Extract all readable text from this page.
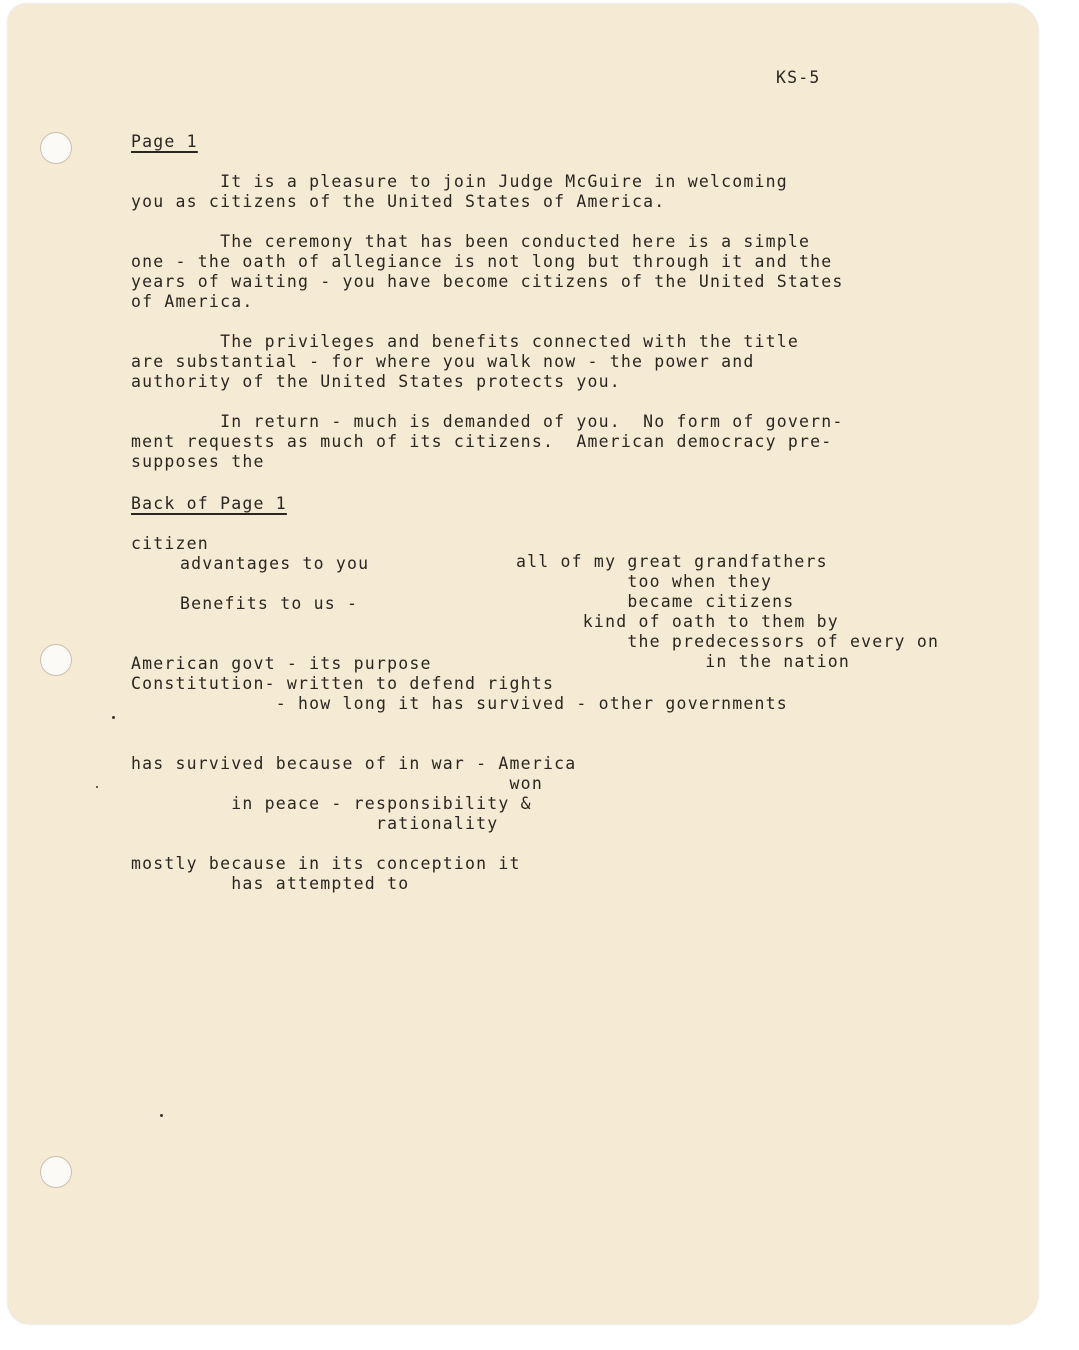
KS-5

Page 1

It is a pleasure to join Judge McGuire in welcoming

you as citizens of the United States of America.

The ceremony that has been conducted here is a simple

one - the oath of allegiance is not long but through it and the

years of waiting - you have become citizens of the United States

of America.

The privileges and benefits connected with the title

are substantial - for where you walk now - the power and

authority of the United States protects you.

In return - much is demanded of you.  No form of govern-

ment requests as much of its citizens.  American democracy pre-

supposes the

Back of Page 1

citizen

advantages to you

Benefits to us -

all of my great grandfathers

too when they

became citizens

kind of oath to them by

the predecessors of every on

in the nation

American govt - its purpose

Constitution- written to defend rights

- how long it has survived - other governments

has survived because of in war - America

won

in peace - responsibility &

rationality

mostly because in its conception it

has attempted to
